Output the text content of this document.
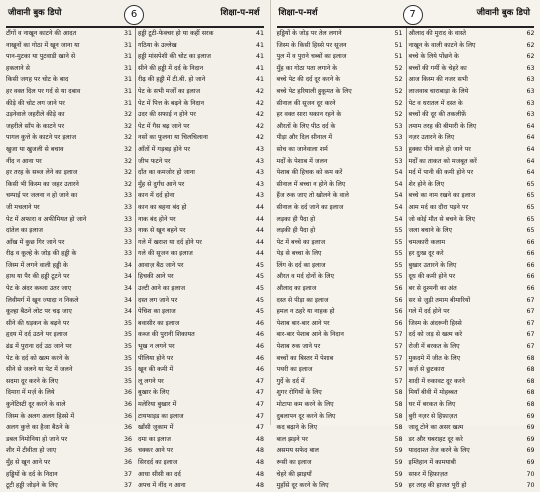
जीवानी बुक डिपो	6	शिक्षा-प-मर्श
टौंगों व नाखून काटने की आदत	31
नाखूनों का गोठा में खून जाना या	31
पान-मुटका या पुटवाडी खाने से	31
हकलाने से	31
किसी जगह पर चोट के बाद	31
हर वक्त दिल पर गर्द से या दबाव	31
कीड़े की चोट लग जाने पर	31
उड़नेवाले जहरीले कीड़े का	32
जहरीले साँप के काटने पर	32
पागल कुत्ते के काटने पर इलाज	32
खुजा या खुजली से बचाव	32
नींद न आना पर	32
हर तरह के सब्ज लेने का इलाज	32
किसी भी किस्म का जहर उतारने	32
चम्पाई पर जलना न हो जाने का	33
जी मचलाने पर	33
पेट में अफारा व अफीमियत हो जाने	33
दांतेल का इलाज	33
आँख में कुछ गिर जाने पर	33
रीढ़ व कूल्हे के जोड़ की हड्डी के	33
जिस्म में लगने वाली हड्डी के	34
हाथ या पैर की हड्डी टूटने पर	34
पेट के अंदर कब्जा उतर जाए	34
लिवीमर्ग में खून ज्यादा न निकले	34
कूल्हा बैठने लोट पर चढ़ जाए	34
सीने की धड़कन के बढ़ने पर	35
हृदय में दर्द उठने पर इलाज	35
ढंढ में पुराना दर्द उठ जाने पर	35
पेट के दर्द को खत्म करने के	35
सीने से जलने या पेट में जलने	35
सदमा दूर करने के लिए	35
दिमाग़ में मर्ज़ के लिये	36
कुनेटिस्टी दूर करने के वाले	36
जिस्म के अलग अलग हिस्से में	36
अलग कुत्ते का हैजा बैठने के	36
डबल निमोनिया हो जाने पर	36
शीर में टीवीता हो जाए	36
मुँह से खून आने पर	36
हड्डियों के दर्द के निदान	37
टूटी हड्डी जोड़ने के लिए	37
हड्डी टूटी-फेक्चर हो या कहीं सरक	41
गठिया के उल्लेख	41
हड्डी मांसपेशी की चोट का इलाज	41
सीने की हड्डी में दर्द के निदान	41
रीढ़ की हड्डी में टी.बी. हो जाने	41
पेट के सभी मर्जों का इलाज	42
पेट में पित्त के बढ़ने के निदान	42
उदर की सफाई न होने पर	42
पेट में गैस बढ़ जाने पर	42
नसों का फूलना या चिलचिलाना	42
आँतों में गड़बड़ होने पर	43
जीभ फटने पर	43
दाँत का कमजोर हो जाना	43
मुँह से दुर्गंध आने पर	43
कान में दर्द होना	43
कान का बहना बंद हो	44
नाक बंद होने पर	44
नाक से खून बहने पर	44
गले में खराश या दर्द होने पर	44
गले की सूजन का इलाज	44
आवाज़ बैठ जाने पर	45
हिचकी आने पर	45
उल्टी आने का इलाज	45
दस्त लग जाने पर	45
पेचिश का इलाज	45
बवासीर का इलाज	46
कब्ज की पुरानी शिकायत	46
भूख न लगने पर	46
पीलिया होने पर	46
खून की कमी में	46
लू लगने पर	47
बुखार के लिए	47
मलेरिया बुखार में	47
टायफाइड का इलाज	47
खाँसी जुकाम में	47
दमा का इलाज	48
चक्कर आने पर	48
सिरदर्द का इलाज	48
आधा सीसी का दर्द	48
अपच में नींद न आना	48
शिक्षा-प-मर्श	7	जीवानी बुक डिपो
हड्डियों के जोड़ पर तेल लगाने	51
जिस्म के किसी हिस्से पर सूजन	51
पुल में व पुराने चब्बों का इलाज	51
मुँह का गोठा पता लगाने के	52
बच्चे पेट की दर्द दूर करने के	52
बच्चे पेट हरियाली हुकूमत के लिए	52
सीनाल की सूजन दूर करने	52
हर वक्त सारा थकान रहने के	52
औरतों के लिए पीठ दर्द के	53
पीड़ा और दिल सीनाल में	53
सोच का जानेवाला शर्म	53
मर्दों के पेशाब में जलन	53
पेशाब की हिचक को कम करें	54
सीनाल में बच्चा न होने के लिए	54
हैंज रुक जाए तो खोलने के वाले	54
सीनाल के दर्द जाने का इलाज	54
लड़का ही पैदा हो	54
लड़की ही पैदा हो	55
पेट में बच्चे का इलाज	55
पेड़ से बच्चा के लिए	55
लिंग के दर्द का इलाज	55
औरत व मर्द दोनों के लिए	55
औलाद का इलाज	56
दस्त से पीड़ा का इलाज	56
हमल न ठहरे या नाहक हो	56
पेशाब बार-बार आने पर	56
बार-बार पेशाब आने के निदान	57
पेशाब रुक जाने पर	57
बच्चों का बिस्तर में पेशाब	57
पथरी का इलाज	57
गुर्दे के दर्द में	57
शुगर रोगियों के लिए	58
मोटापा कम करने के लिए	58
दुबलापन दूर करने के लिए	58
कद बढ़ाने के लिए	58
बाल झड़ने पर	58
असमय सफेद बाल	59
रूसी का इलाज	59
चेहरे की झाइयाँ	59
मुहाँसे दूर करने के लिए	59
औलाद की मुराद के वास्ते	62
नाखून के वाली काटने के लिए	62
बच्चे के लिये पोंछने के	62
बच्चों की गर्मी के चेहरे का	63
आज किस्म की नजर सभी	63
लाजवाब चाराबाड़ा के लिये	63
पेट व धरातल में दस्त के	63
बच्चों की दूर की तकलीफ़ें	63
तमाम तरह की बीमारी के लिए	64
नज़र उतारने के लिए	64
हुक्का पीने वाले हो जाने पर	64
मर्दों का ताकत को मजबूत करें	64
मर्द में पानी की कमी होने पर	64
शेर होने के लिए	65
बच्चे का नाम रखने का इलाज	65
आम मर्द का दौरा पड़ने पर	65
जो कोई मौत से बचने के लिए	65
जला बचाने के लिए	65
चमत्कारी कलाम	66
हर दुःख दूर करे	66
बुखार उतारने के लिए	66
दूध की कमी होने पर	66
बर से दुश्मनी का अंत	66
सर से जुड़ी तमाम बीमारियों	67
गले में दर्द होने पर	67
जिस्म के अंदरूनी हिस्से	67
दर्द को जड़ से खत्म करे	67
रोजी में बरकत के लिए	67
मुकदमे में जीत के लिए	68
कर्ज़ से छुटकारा	68
शादी में रुकावट दूर करने	68
मियाँ बीवी में मोहब्बत	68
घर में बरकत के लिए	68
बुरी नज़र से हिफ़ाज़त	69
जादू टोने का असर खत्म	69
डर और घबराहट दूर करे	69
याददाश्त तेज करने के लिए	69
इम्तिहान में कामयाबी	69
सफ़र में हिफ़ाज़त	70
हर तरह की हाजत पूरी हो	70
